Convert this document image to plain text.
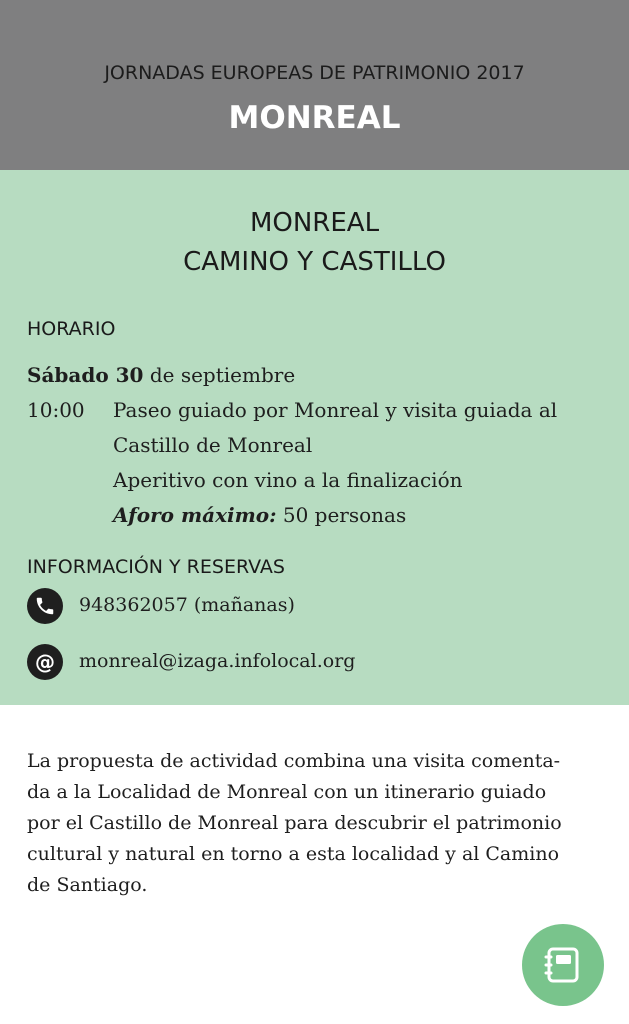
JORNADAS EUROPEAS DE PATRIMONIO 2017
MONREAL
MONREAL
CAMINO Y CASTILLO
HORARIO
Sábado 30 de septiembre
10:00 Paseo guiado por Monreal y visita guiada al
Castillo de Monreal
Aperitivo con vino a la finalización
Aforo máximo: 50 personas
INFORMACIÓN Y RESERVAS
948362057 (mañanas)
@	monreal@izaga.infolocal.org
La propuesta de actividad combina una visita comenta-
da a la Localidad de Monreal con un itinerario guiado
por el Castillo de Monreal para descubrir el patrimonio
cultural y natural en torno a esta localidad y al Camino
de Santiago.
